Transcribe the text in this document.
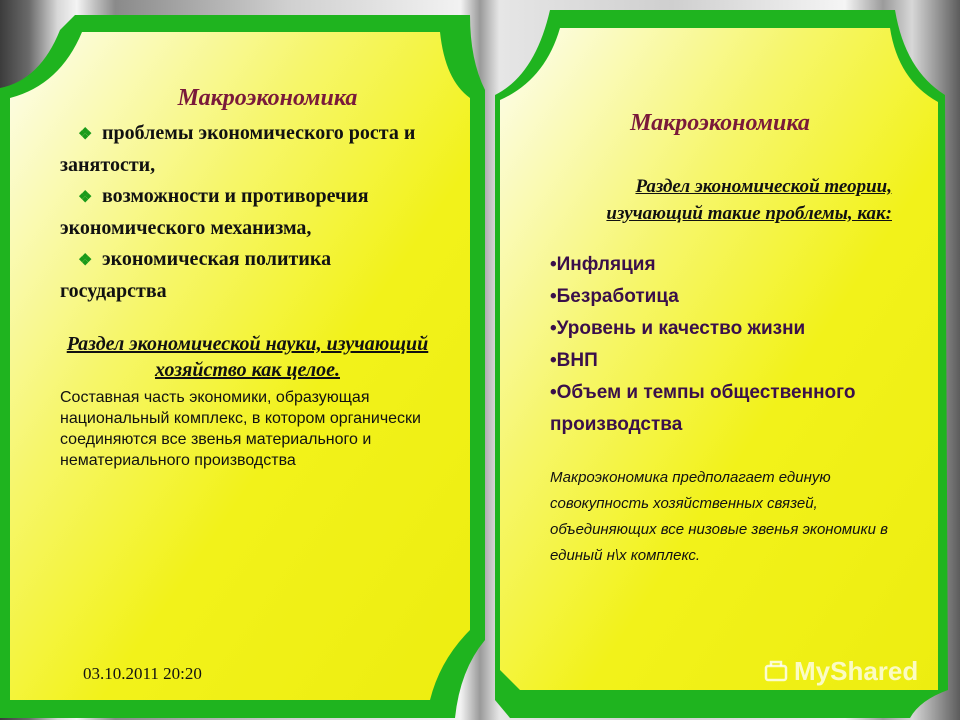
Макроэкономика
❖ проблемы экономического роста и занятости,
❖ возможности и противоречия экономического механизма,
❖ экономическая политика государства
Раздел экономической науки, изучающий хозяйство как целое.
Составная часть экономики, образующая национальный комплекс, в котором органически соединяются все звенья материального и нематериального производства
Макроэкономика
Раздел экономической теории, изучающий такие проблемы, как:
•Инфляция
•Безработица
•Уровень и качество жизни
•ВНП
•Объем и темпы общественного производства
Макроэкономика предполагает единую совокупность хозяйственных связей, объединяющих все низовые звенья экономики в единый н\х комплекс.
03.10.2011 20:20	MyShared
